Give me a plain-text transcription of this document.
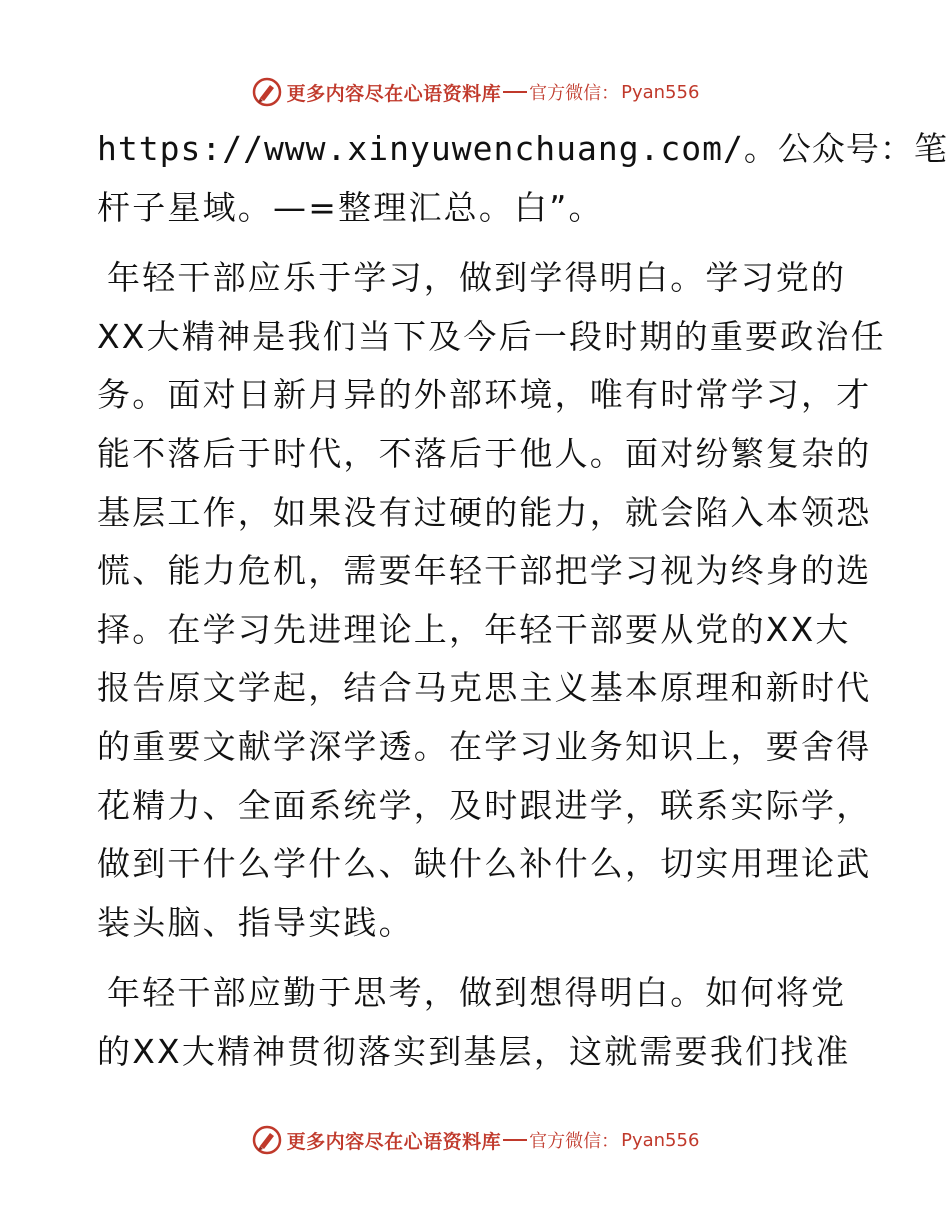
更多内容尽在心语资料库 官方微信： Pyan556
https://www.xinyuwenchuang.com/。公众号：笔
杆子星域。—=整理汇总。白”。
年轻干部应乐于学习，做到学得明白。学习党的
XX大精神是我们当下及今后一段时期的重要政治任
务。面对日新月异的外部环境，唯有时常学习，才
能不落后于时代，不落后于他人。面对纷繁复杂的
基层工作，如果没有过硬的能力，就会陷入本领恐
慌、能力危机，需要年轻干部把学习视为终身的选
择。在学习先进理论上，年轻干部要从党的XX大
报告原文学起，结合马克思主义基本原理和新时代
的重要文献学深学透。在学习业务知识上，要舍得
花精力、全面系统学，及时跟进学，联系实际学，
做到干什么学什么、缺什么补什么，切实用理论武
装头脑、指导实践。
年轻干部应勤于思考，做到想得明白。如何将党
的XX大精神贯彻落实到基层，这就需要我们找准
更多内容尽在心语资料库 官方微信： Pyan556
